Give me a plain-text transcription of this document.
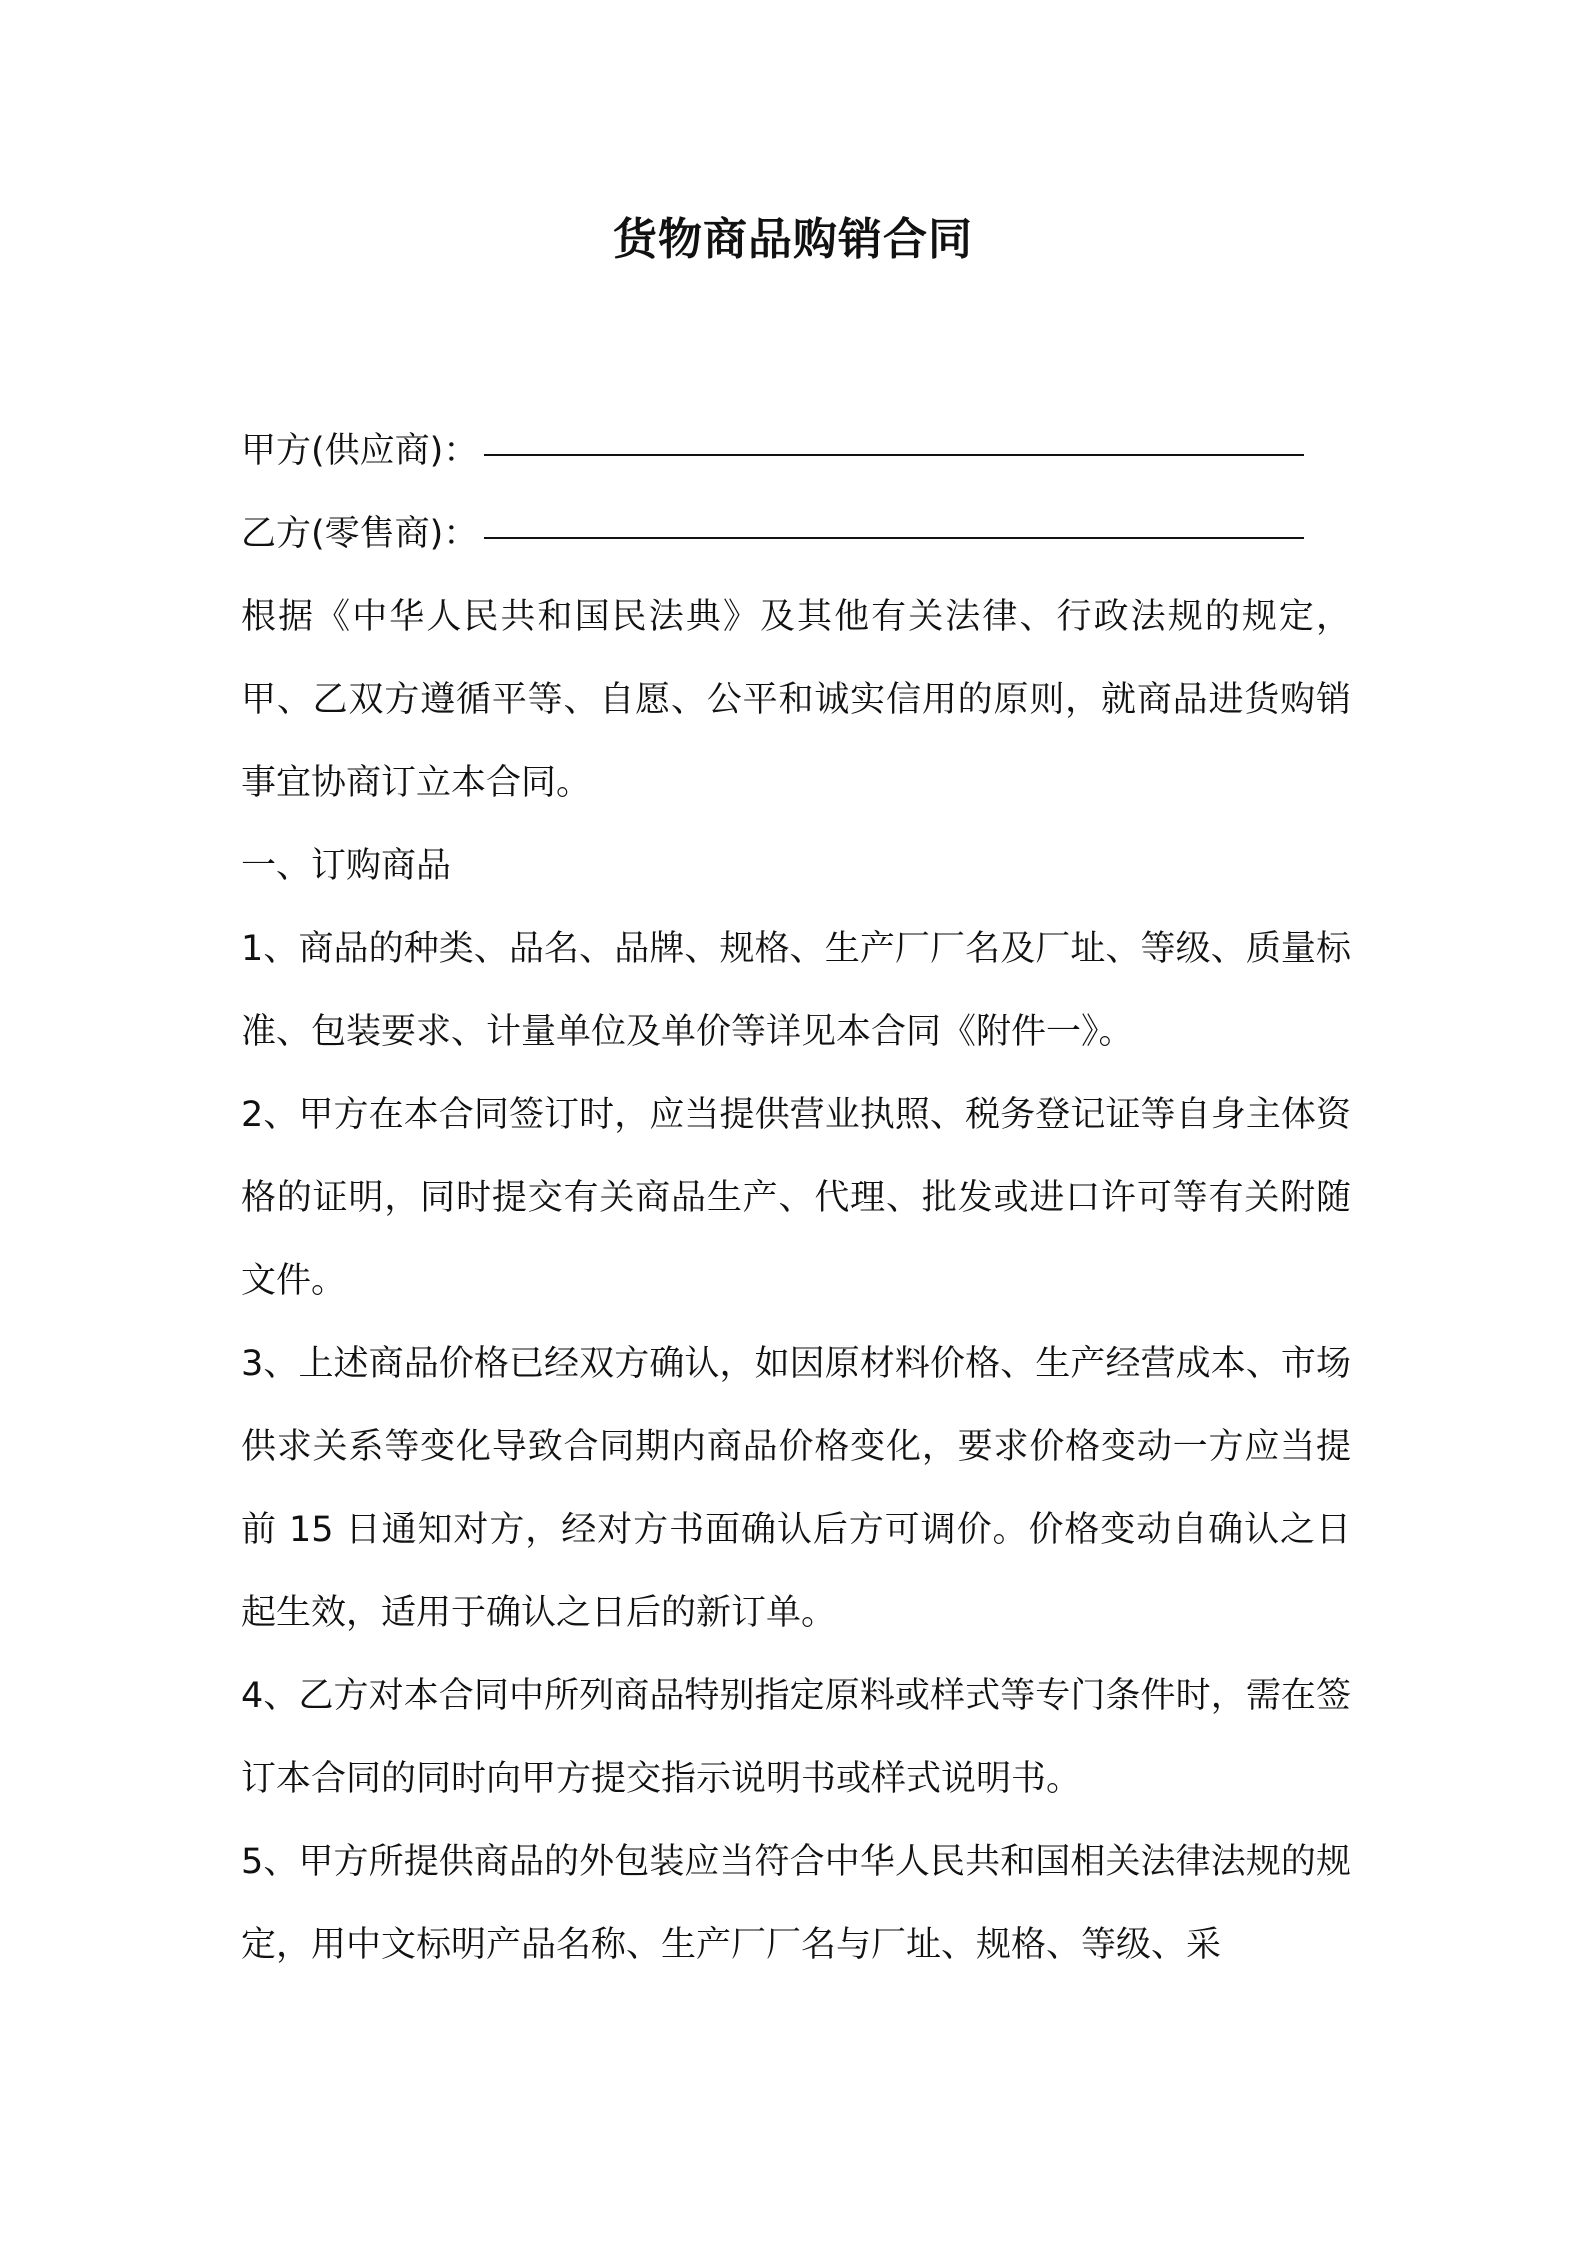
货物商品购销合同
甲方(供应商)：
乙方(零售商)：
根据《中华人民共和国民法典》及其他有关法律、行政法规的规定，甲、乙双方遵循平等、自愿、公平和诚实信用的原则，就商品进货购销事宜协商订立本合同。
一、订购商品
1、商品的种类、品名、品牌、规格、生产厂厂名及厂址、等级、质量标准、包装要求、计量单位及单价等详见本合同《附件一》。
2、甲方在本合同签订时，应当提供营业执照、税务登记证等自身主体资格的证明，同时提交有关商品生产、代理、批发或进口许可等有关附随文件。
3、上述商品价格已经双方确认，如因原材料价格、生产经营成本、市场供求关系等变化导致合同期内商品价格变化，要求价格变动一方应当提前 15 日通知对方，经对方书面确认后方可调价。价格变动自确认之日起生效，适用于确认之日后的新订单。
4、乙方对本合同中所列商品特别指定原料或样式等专门条件时，需在签订本合同的同时向甲方提交指示说明书或样式说明书。
5、甲方所提供商品的外包装应当符合中华人民共和国相关法律法规的规定，用中文标明产品名称、生产厂厂名与厂址、规格、等级、采
